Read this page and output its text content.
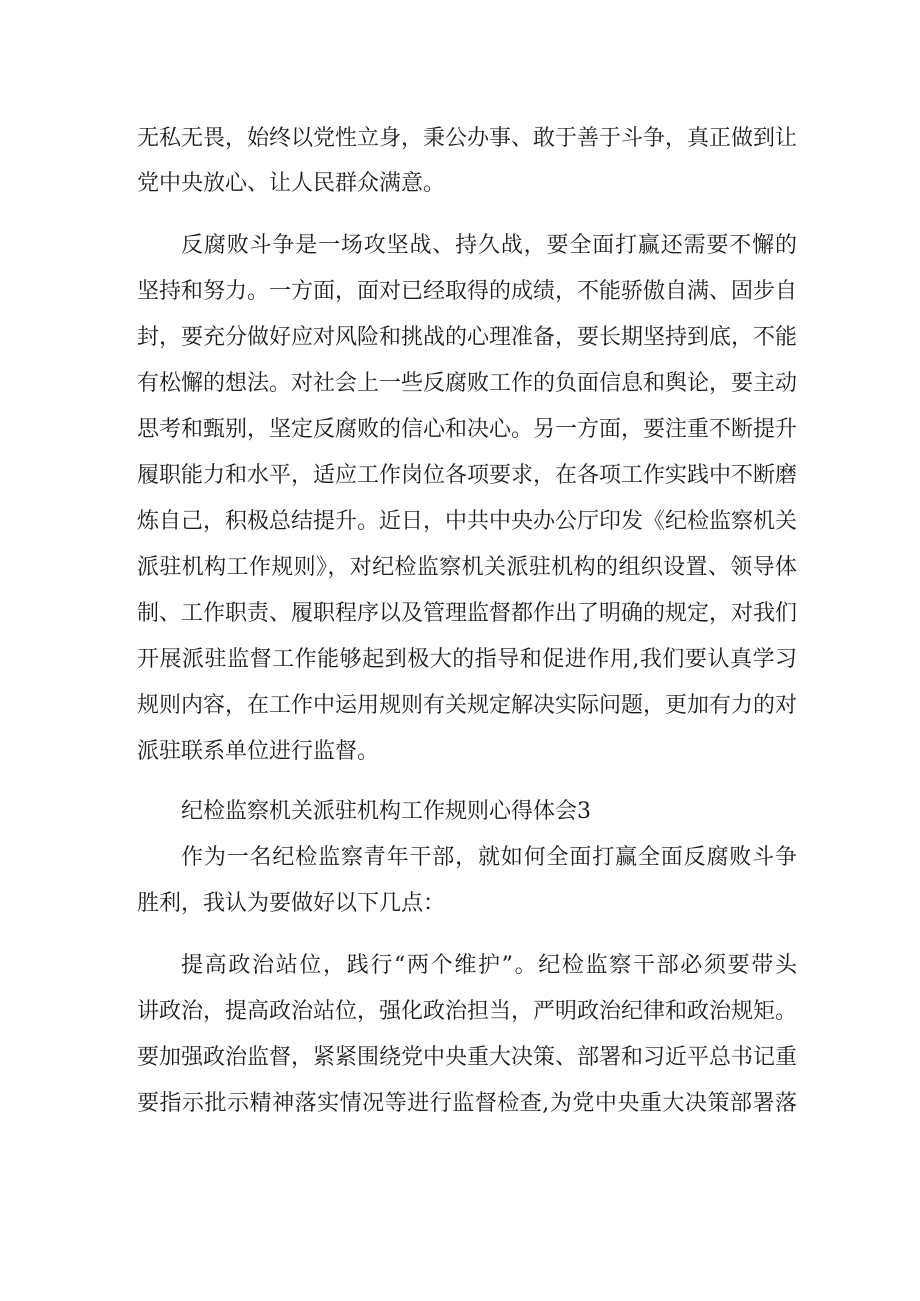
无私无畏，始终以党性立身，秉公办事、敢于善于斗争，真正做到让
党中央放心、让人民群众满意。
反腐败斗争是一场攻坚战、持久战，要全面打赢还需要不懈的
坚持和努力。一方面，面对已经取得的成绩，不能骄傲自满、固步自
封，要充分做好应对风险和挑战的心理准备，要长期坚持到底，不能
有松懈的想法。对社会上一些反腐败工作的负面信息和舆论，要主动
思考和甄别，坚定反腐败的信心和决心。另一方面，要注重不断提升
履职能力和水平，适应工作岗位各项要求，在各项工作实践中不断磨
炼自己，积极总结提升。近日，中共中央办公厅印发《纪检监察机关
派驻机构工作规则》，对纪检监察机关派驻机构的组织设置、领导体
制、工作职责、履职程序以及管理监督都作出了明确的规定，对我们
开展派驻监督工作能够起到极大的指导和促进作用,我们要认真学习
规则内容，在工作中运用规则有关规定解决实际问题，更加有力的对
派驻联系单位进行监督。
纪检监察机关派驻机构工作规则心得体会3
作为一名纪检监察青年干部，就如何全面打赢全面反腐败斗争
胜利，我认为要做好以下几点：
提高政治站位，践行“两个维护”。纪检监察干部必须要带头
讲政治，提高政治站位，强化政治担当，严明政治纪律和政治规矩。
要加强政治监督，紧紧围绕党中央重大决策、部署和习近平总书记重
要指示批示精神落实情况等进行监督检查,为党中央重大决策部署落
